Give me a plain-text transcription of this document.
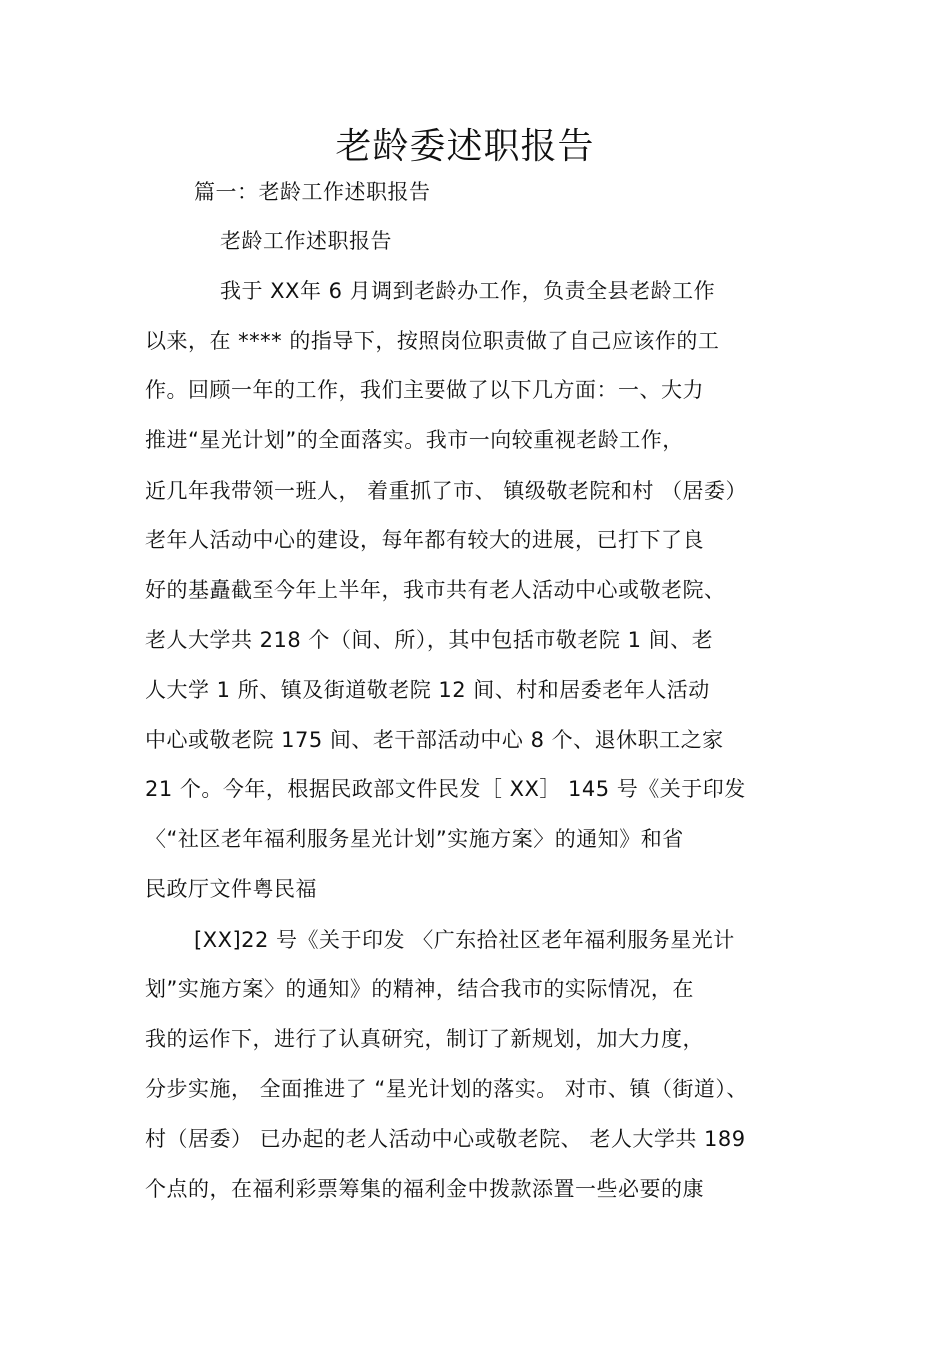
老龄委述职报告
篇一：老龄工作述职报告
老龄工作述职报告
我于 XX年 6 月调到老龄办工作，负责全县老龄工作
以来，在 **** 的指导下，按照岗位职责做了自己应该作的工
作。回顾一年的工作，我们主要做了以下几方面：一、大力
推进“星光计划”的全面落实。我市一向较重视老龄工作，
近几年我带领一班人， 着重抓了市、 镇级敬老院和村 （居委）
老年人活动中心的建设，每年都有较大的进展，已打下了良
好的基矗截至今年上半年，我市共有老人活动中心或敬老院、
老人大学共 218 个（间、所），其中包括市敬老院 1 间、老
人大学 1 所、镇及街道敬老院 12 间、村和居委老年人活动
中心或敬老院 175 间、老干部活动中心 8 个、退休职工之家
21 个。今年，根据民政部文件民发［ XX］ 145 号《关于印发
〈“社区老年福利服务星光计划”实施方案〉的通知》和省
民政厅文件粤民福
[XX]22 号《关于印发 〈广东拾社区老年福利服务星光计
划”实施方案〉的通知》的精神，结合我市的实际情况，在
我的运作下，进行了认真研究，制订了新规划，加大力度，
分步实施， 全面推进了 “星光计划的落实。 对市、镇（街道）、
村（居委） 已办起的老人活动中心或敬老院、 老人大学共 189
个点的，在福利彩票筹集的福利金中拨款添置一些必要的康
